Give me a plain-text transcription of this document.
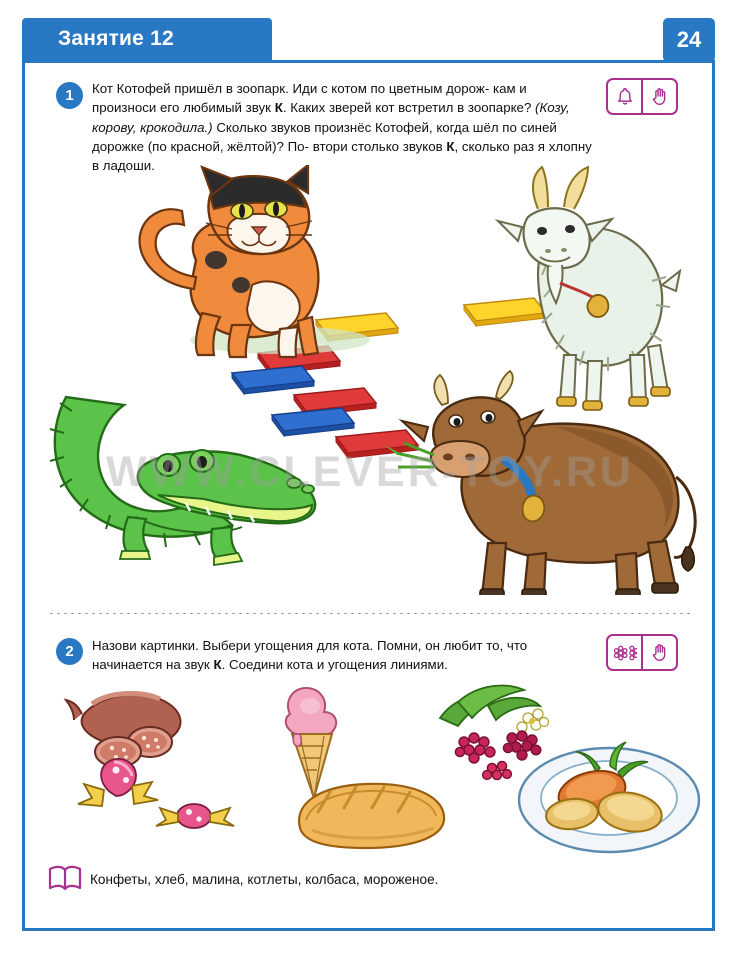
Занятие 12	24
1	Кот Котофей пришёл в зоопарк. Иди с котом по цветным дорож- кам и произноси его любимый звук К. Каких зверей кот встретил в зоопарке? (Козу, корову, крокодила.) Сколько звуков произнёс Котофей, когда шёл по синей дорожке (по красной, жёлтой)? По- втори столько звуков К, сколько раз я хлопну в ладоши.
WWW.CLEVER-TOY.RU
2	Назови картинки. Выбери угощения для кота. Помни, он любит то, что начинается на звук К. Соедини кота и угощения линиями.
Конфеты, хлеб, малина, котлеты, колбаса, мороженое.
